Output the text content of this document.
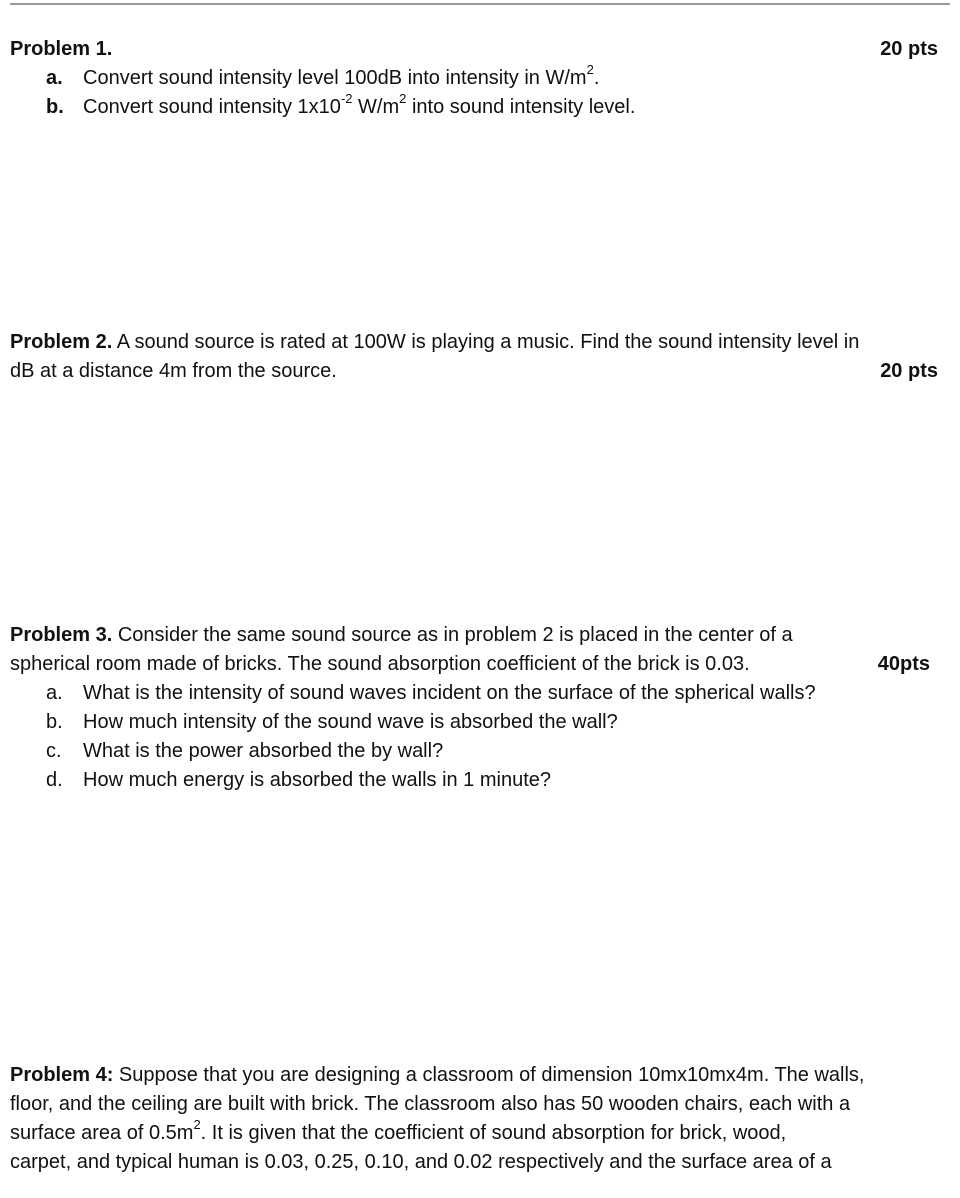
Problem 1.	20 pts
a. Convert sound intensity level 100dB into intensity in $W/m^2$.
b. Convert sound intensity $1x10^{-2}$ $W/m^2$ into sound intensity level.
Problem 2. A sound source is rated at 100W is playing a music. Find the sound intensity level in
dB at a distance 4m from the source.	20 pts
Problem 3. Consider the same sound source as in problem 2 is placed in the center of a
spherical room made of bricks. The sound absorption coefficient of the brick is 0.03.	40pts
a. What is the intensity of sound waves incident on the surface of the spherical walls?
b. How much intensity of the sound wave is absorbed the wall?
c. What is the power absorbed the by wall?
d. How much energy is absorbed the walls in 1 minute?
Problem 4: Suppose that you are designing a classroom of dimension 10mx10mx4m. The walls,
floor, and the ceiling are built with brick. The classroom also has 50 wooden chairs, each with a
surface area of $0.5m^2$. It is given that the coefficient of sound absorption for brick, wood,
carpet, and typical human is 0.03, 0.25, 0.10, and 0.02 respectively and the surface area of a
